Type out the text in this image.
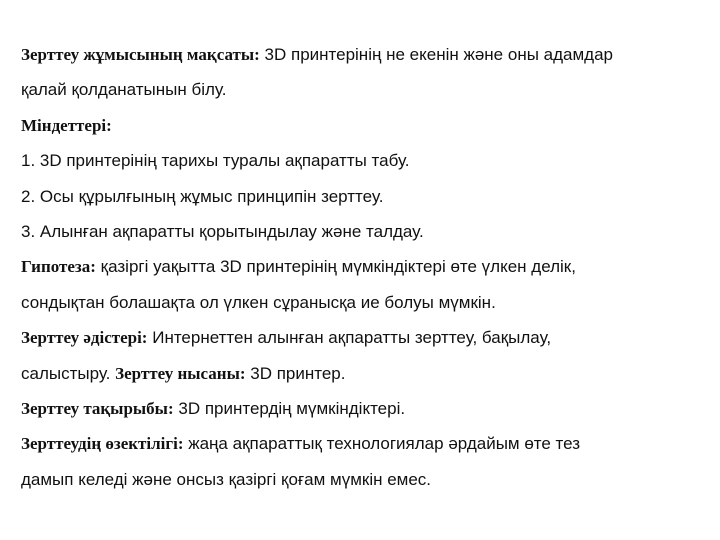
Зерттеу жұмысының мақсаты: 3D принтерінің не екенін және оны адамдар
қалай қолданатынын білу.
Міндеттері:
1. 3D принтерінің тарихы туралы ақпаратты табу.
2. Осы құрылғының жұмыс принципін зерттеу.
3. Алынған ақпаратты қорытындылау және талдау.
Гипотеза: қазіргі уақытта 3D принтерінің мүмкіндіктері өте үлкен делік,
сондықтан болашақта ол үлкен сұранысқа ие болуы мүмкін.
Зерттеу әдістері: Интернеттен алынған ақпаратты зерттеу, бақылау,
салыстыру. Зерттеу нысаны: 3D принтер.
Зерттеу тақырыбы: 3D принтердің мүмкіндіктері.
Зерттеудің өзектілігі: жаңа ақпараттық технологиялар әрдайым өте тез
дамып келеді және онсыз қазіргі қоғам мүмкін емес.
